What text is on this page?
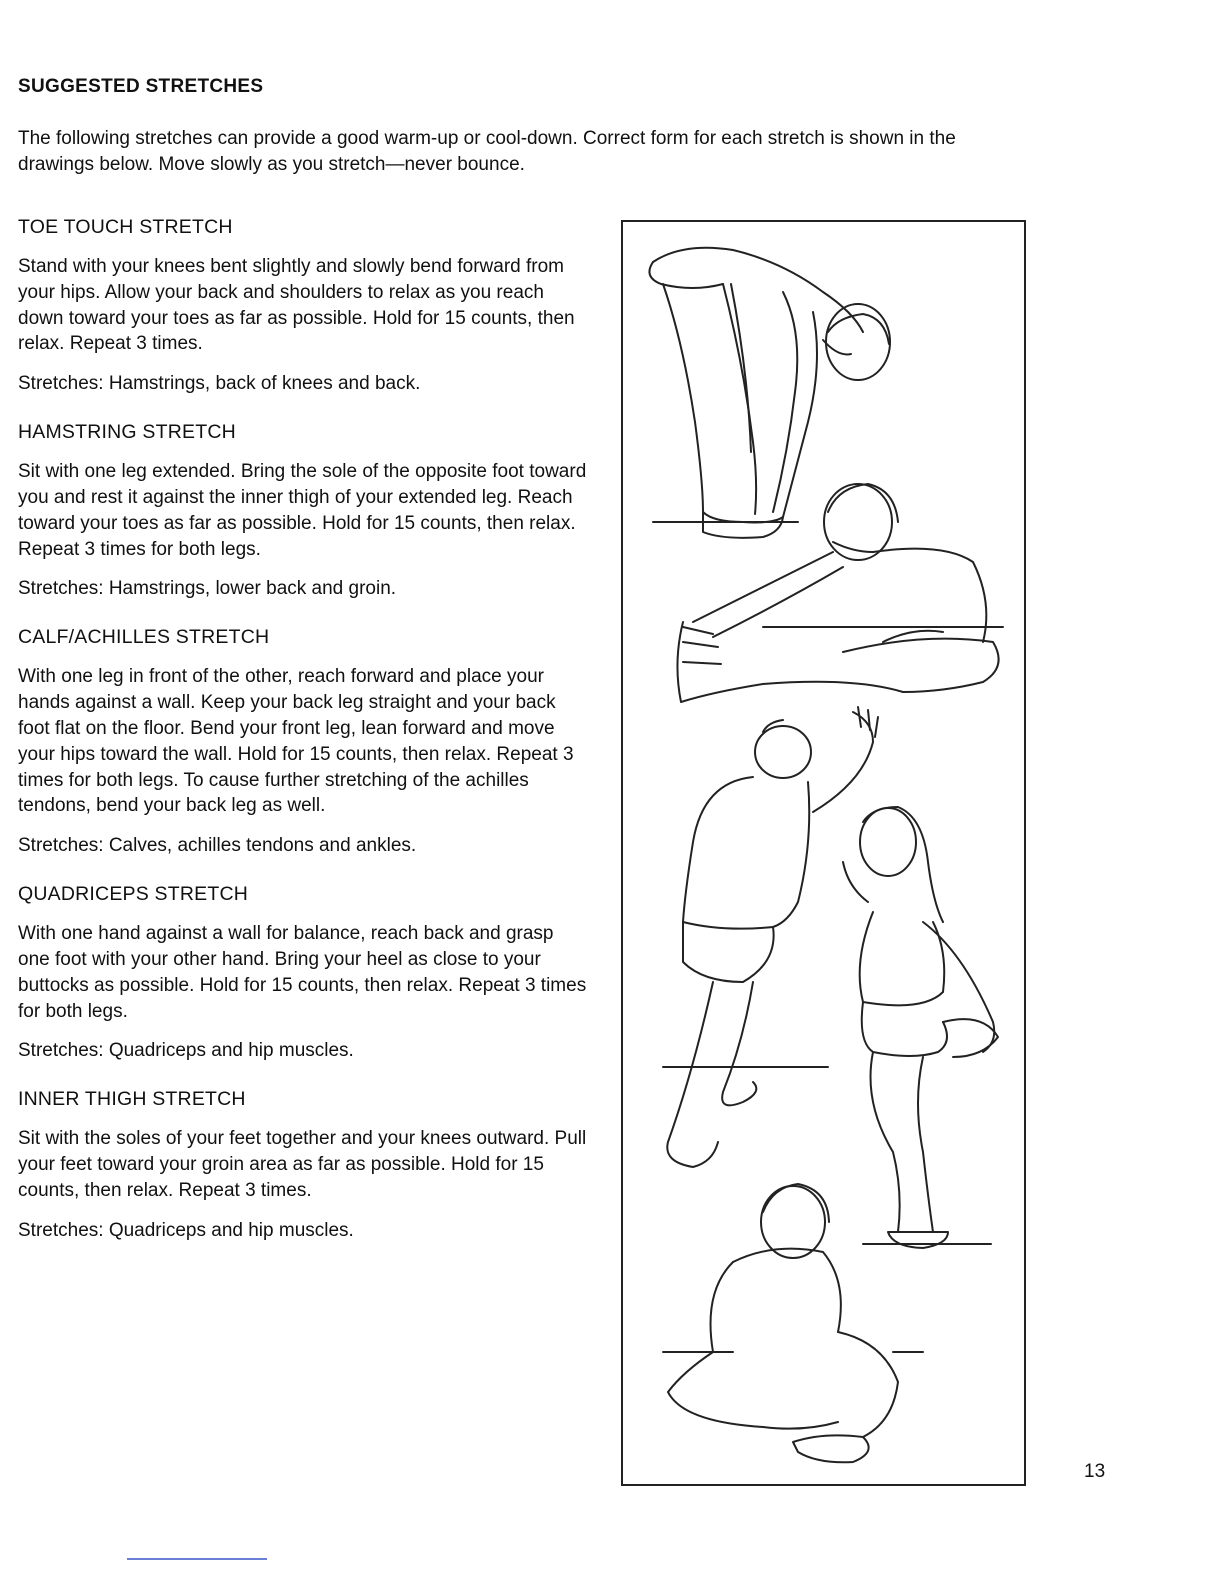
SUGGESTED STRETCHES
The following stretches can provide a good warm-up or cool-down. Correct form for each stretch is shown in the drawings below. Move slowly as you stretch—never bounce.
TOE TOUCH STRETCH
Stand with your knees bent slightly and slowly bend forward from your hips. Allow your back and shoulders to relax as you reach down toward your toes as far as possible. Hold for 15 counts, then relax. Repeat 3 times.
Stretches: Hamstrings, back of knees and back.
HAMSTRING STRETCH
Sit with one leg extended. Bring the sole of the opposite foot toward you and rest it against the inner thigh of your extended leg. Reach toward your toes as far as possible. Hold for 15 counts, then relax. Repeat 3 times for both legs.
Stretches: Hamstrings, lower back and groin.
CALF/ACHILLES STRETCH
With one leg in front of the other, reach forward and place your hands against a wall. Keep your back leg straight and your back foot flat on the floor. Bend your front leg, lean forward and move your hips toward the wall. Hold for 15 counts, then relax. Repeat 3 times for both legs. To cause further stretching of the achilles tendons, bend your back leg as well.
Stretches: Calves, achilles tendons and ankles.
QUADRICEPS STRETCH
With one hand against a wall for balance, reach back and grasp one foot with your other hand. Bring your heel as close to your buttocks as possible. Hold for 15 counts, then relax. Repeat 3 times for both legs.
Stretches: Quadriceps and hip muscles.
INNER THIGH STRETCH
Sit with the soles of your feet together and your knees outward. Pull your feet toward your groin area as far as possible. Hold for 15 counts, then relax. Repeat 3 times.
Stretches: Quadriceps and hip muscles.
13
